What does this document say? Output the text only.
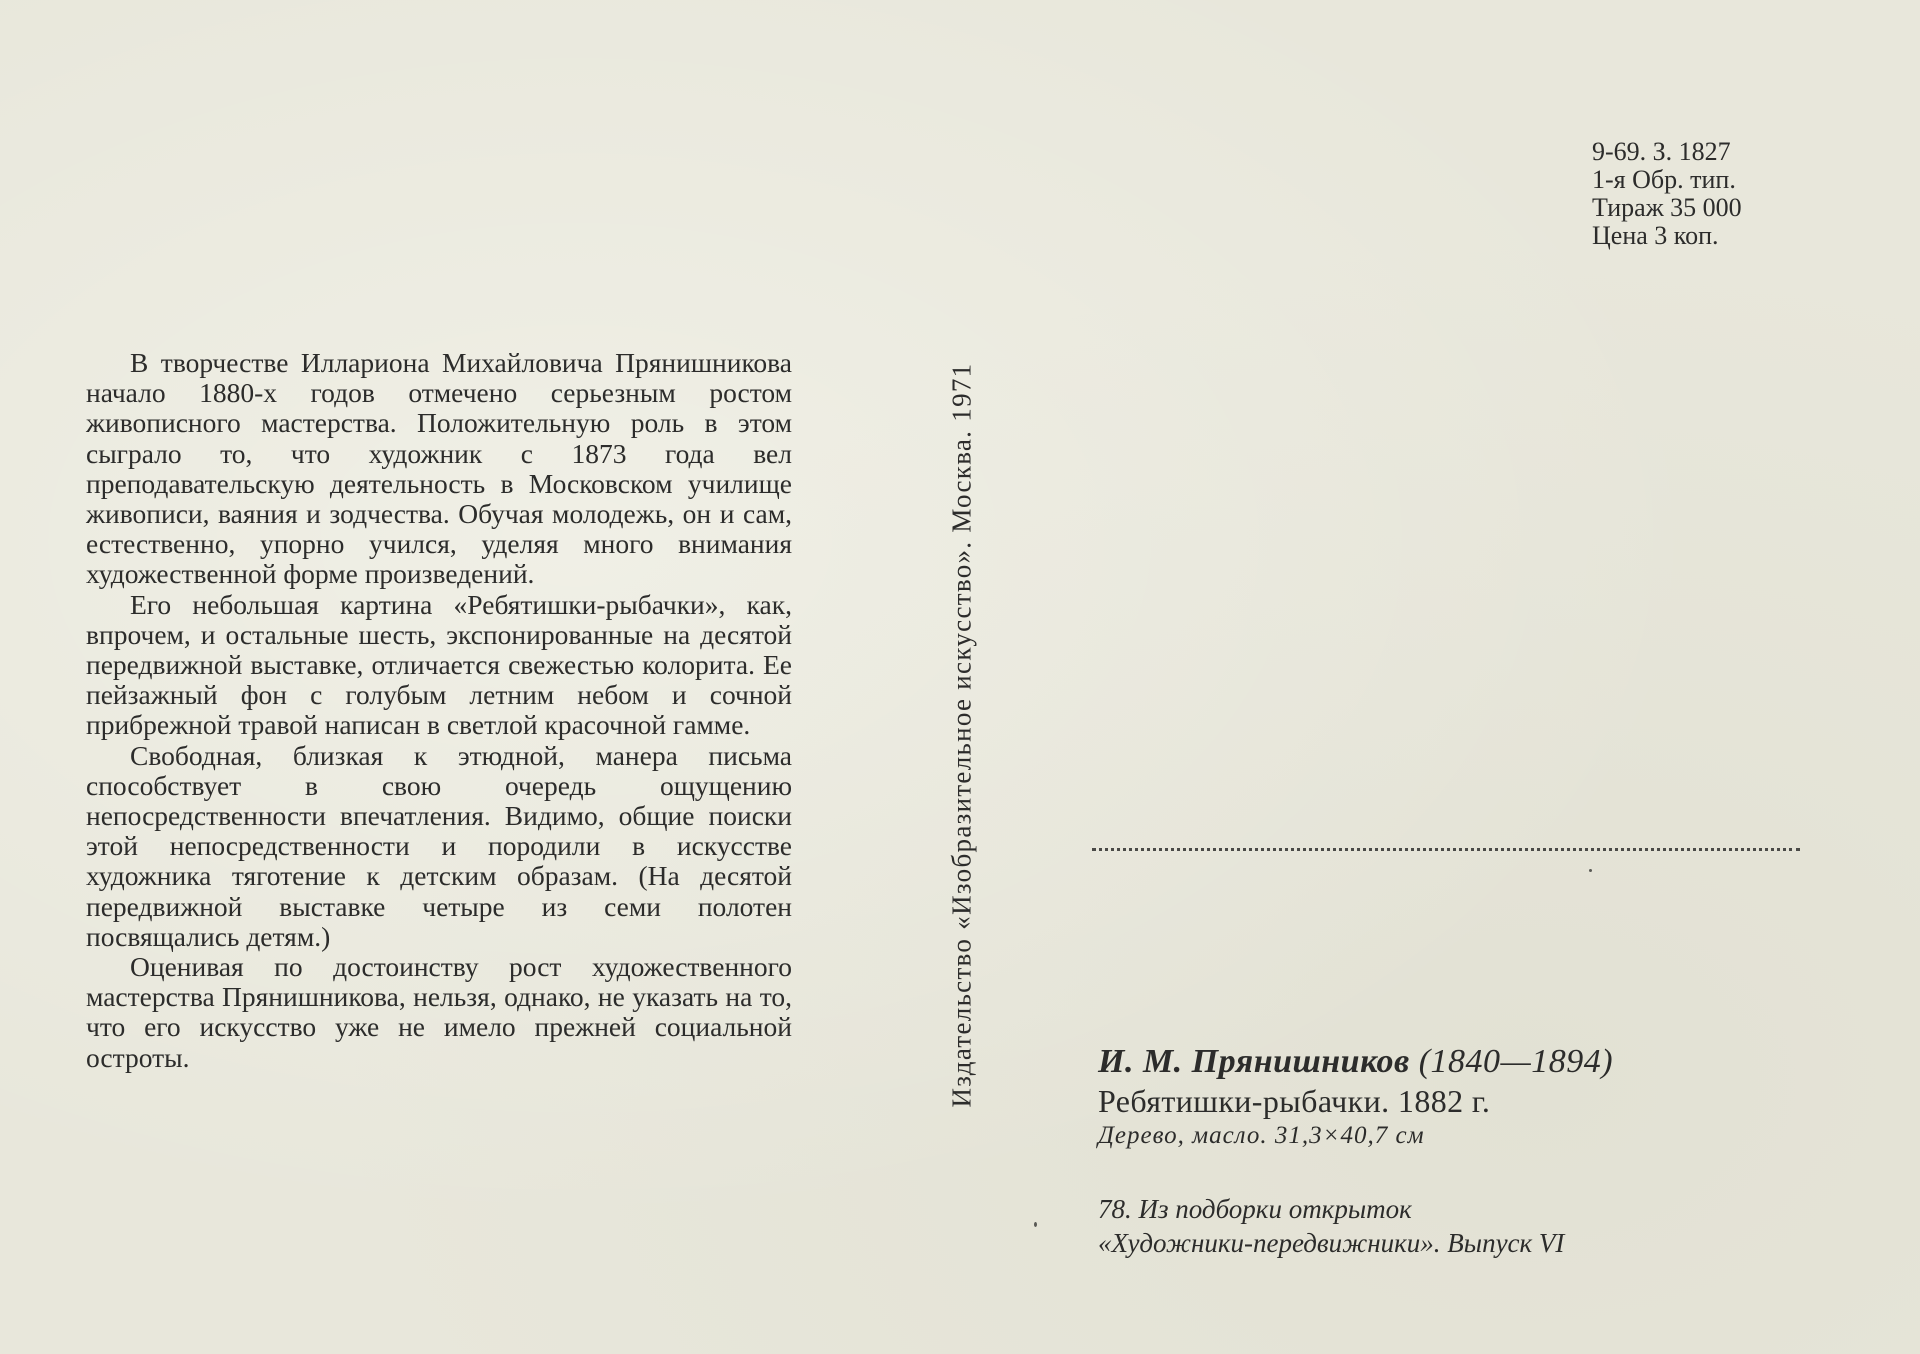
В творчестве Иллариона Михайловича Прянишникова начало 1880-х годов отмечено серьезным ростом живописного мастерства. Положительную роль в этом сыграло то, что художник с 1873 года вел преподавательскую деятельность в Московском училище живописи, ваяния и зодчества. Обучая молодежь, он и сам, естественно, упорно учился, уделяя много внимания художественной форме произведений.

Его небольшая картина «Ребятишки-рыбачки», как, впрочем, и остальные шесть, экспонированные на десятой передвижной выставке, отличается свежестью колорита. Ее пейзажный фон с голубым летним небом и сочной прибрежной травой написан в светлой красочной гамме.

Свободная, близкая к этюдной, манера письма способствует в свою очередь ощущению непосредственности впечатления. Видимо, общие поиски этой непосредственности и породили в искусстве художника тяготение к детским образам. (На десятой передвижной выставке четыре из семи полотен посвящались детям.)

Оценивая по достоинству рост художественного мастерства Прянишникова, нельзя, однако, не указать на то, что его искусство уже не имело прежней социальной остроты.	Издательство «Изобразительное искусство». Москва. 1971
9-69. З. 1827
1-я Обр. тип.
Тираж 35 000
Цена 3 коп.
И. М. Прянишников (1840—1894)
Ребятишки-рыбачки. 1882 г.
Дерево, масло. 31,3×40,7 см
78. Из подборки открыток
«Художники-передвижники». Выпуск VI
